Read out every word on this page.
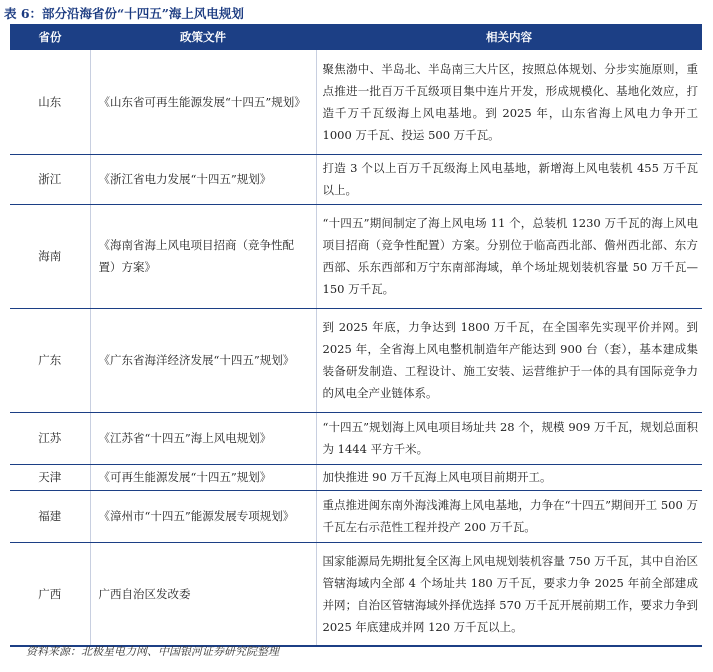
表 6：部分沿海省份“十四五”海上风电规划
省份	政策文件	相关内容
山东	《山东省可再生能源发展“十四五”规划》	聚焦渤中、半岛北、半岛南三大片区，按照总体规划、分步实施原则，重点推进一批百万千瓦级项目集中连片开发，形成规模化、基地化效应，打造千万千瓦级海上风电基地。到 2025 年，山东省海上风电力争开工 1000 万千瓦、投运 500 万千瓦。
浙江	《浙江省电力发展“十四五”规划》	打造 3 个以上百万千瓦级海上风电基地，新增海上风电装机 455 万千瓦以上。
海南	《海南省海上风电项目招商（竞争性配置）方案》	“十四五”期间制定了海上风电场 11 个，总装机 1230 万千瓦的海上风电项目招商（竞争性配置）方案。分别位于临高西北部、儋州西北部、东方西部、乐东西部和万宁东南部海域，单个场址规划装机容量 50 万千瓦—150 万千瓦。
广东	《广东省海洋经济发展“十四五”规划》	到 2025 年底，力争达到 1800 万千瓦，在全国率先实现平价并网。到 2025 年，全省海上风电整机制造年产能达到 900 台（套），基本建成集装备研发制造、工程设计、施工安装、运营维护于一体的具有国际竞争力的风电全产业链体系。
江苏	《江苏省“十四五”海上风电规划》	“十四五”规划海上风电项目场址共 28 个，规模 909 万千瓦，规划总面积为 1444 平方千米。
天津	《可再生能源发展“十四五”规划》	加快推进 90 万千瓦海上风电项目前期开工。
福建	《漳州市“十四五”能源发展专项规划》	重点推进闽东南外海浅滩海上风电基地，力争在“十四五”期间开工 500 万千瓦左右示范性工程并投产 200 万千瓦。
广西	广西自治区发改委	国家能源局先期批复全区海上风电规划装机容量 750 万千瓦，其中自治区管辖海域内全部 4 个场址共 180 万千瓦，要求力争 2025 年前全部建成并网；自治区管辖海域外择优选择 570 万千瓦开展前期工作，要求力争到 2025 年底建成并网 120 万千瓦以上。
资料来源：北极星电力网、中国银河证券研究院整理
